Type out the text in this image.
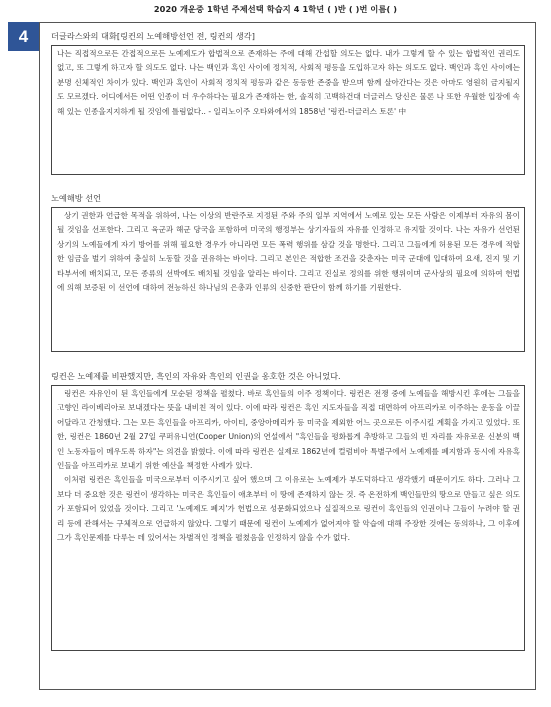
2020 개운중 1학년 주제선택 학습지 4 1학년 ( )반 ( )번 이름( )
4	더글라스와의 대화[링컨의 노예해방선언 전, 링컨의 생각]

나는 직접적으로든 간접적으로든 노예제도가 합법적으로 존재하는 주에 대해 간섭할 의도는 없다. 내가 그렇게 할 수 있는 합법적인 권리도 없고, 또 그렇게 하고자 할 의도도 없다. 나는 백인과 흑인 사이에 정치적, 사회적 평등을 도입하고자 하는 의도도 없다. 백인과 흑인 사이에는 분명 신체적인 차이가 있다. 백인과 흑인이 사회적 정치적 평등과 같은 동등한 존중을 받으며 함께 살아간다는 것은 아마도 영원히 금지될지도 모르겠다. 어디에서든 어떤 인종이 더 우수하다는 필요가 존재하는 한, 솔직히 고백하건대 더글러스 당신은 물론 나 또한 우월한 입장에 속해 있는 인종을지지하게 될 것임에 틀림없다.. - 일리노이주 오타와에서의 1858년 '링컨-더글러스 토론' 中

노예해방 선언

상기 권한과 언급한 목적을 위하여, 나는 이상의 반란주로 지정된 주와 주의 일부 지역에서 노예로 있는 모든 사람은 이제부터 자유의 몸이 될 것임을 선포한다. 그리고 육군과 해군 당국을 포함하여 미국의 행정부는 상기자들의 자유를 인정하고 유지할 것이다. 나는 자유가 선언된 상기의 노예들에게 자기 방어를 위해 필요한 경우가 아니라면 모든 폭력 행위를 삼갈 것을 명한다. 그리고 그들에게 허용된 모든 경우에 적합한 임금을 벌기 위하여 충실히 노동할 것을 권유하는 바이다. 그리고 본인은 적합한 조건을 갖춘자는 미국 군대에 입대하여 요새, 진지 및 기타부서에 배치되고, 모든 종류의 선박에도 배치될 것임을 알리는 바이다. 그리고 진실로 정의를 위한 행위이며 군사상의 필요에 의하여 헌법에 의해 보증된 이 선언에 대하여 전능하신 하나님의 은총과 인류의 신중한 판단이 함께 하기를 기원한다.

링컨은 노예제를 비판했지만, 흑인의 자유와 흑인의 인권을 옹호한 것은 아니었다.

링컨은 자유인이 된 흑인들에게 모순된 정책을 펼쳤다. 바로 흑인들의 이주 정책이다. 링컨은 전쟁 중에 노예들을 해방시킨 후에는 그들을 고향인 라이베리아로 보내겠다는 뜻을 내비친 적이 있다. 이에 따라 링컨은 흑인 지도자들을 직접 대면하여 아프리카로 이주하는 운동을 이끌어달라고 간청했다. 그는 모든 흑인들을 아프리카, 아이티, 중앙아메리카 등 미국을 제외한 어느 곳으로든 이주시킬 계획을 가지고 있었다. 또한, 링컨은 1860년 2월 27일 쿠퍼유니언(Cooper Union)의 연설에서 "흑인들을 평화롭게 추방하고 그들의 빈 자리를 자유로운 신분의 백인 노동자들이 메우도록 하자"는 의견을 밝혔다. 이에 따라 링컨은 실제로 1862년에 컬럼비아 특별구에서 노예제를 폐지함과 동시에 자유흑인들을 아프리카로 보내기 위한 예산을 책정한 사례가 있다.

이처럼 링컨은 흑인들을 미국으로부터 이주시키고 싶어 했으며 그 이유로는 노예제가 부도덕하다고 생각했기 때문이기도 하다. 그러나 그보다 더 중요한 것은 링컨이 생각하는 미국은 흑인들이 애초부터 이 땅에 존재하지 않는 것. 즉 온전하게 백인들만의 땅으로 만들고 싶은 의도가 포함되어 있었을 것이다. 그리고 '노예제도 폐지'가 헌법으로 성문화되었으나 실질적으로 링컨이 흑인들의 인권이나 그들이 누려야 할 권리 등에 관해서는 구체적으로 언급하지 않았다. 그렇기 때문에 링컨이 노예제가 없어져야 할 악습에 대해 주장한 것에는 동의하나, 그 이후에 그가 흑인문제를 다루는 데 있어서는 차별적인 정책을 펼쳤음을 인정하지 않을 수가 없다.
